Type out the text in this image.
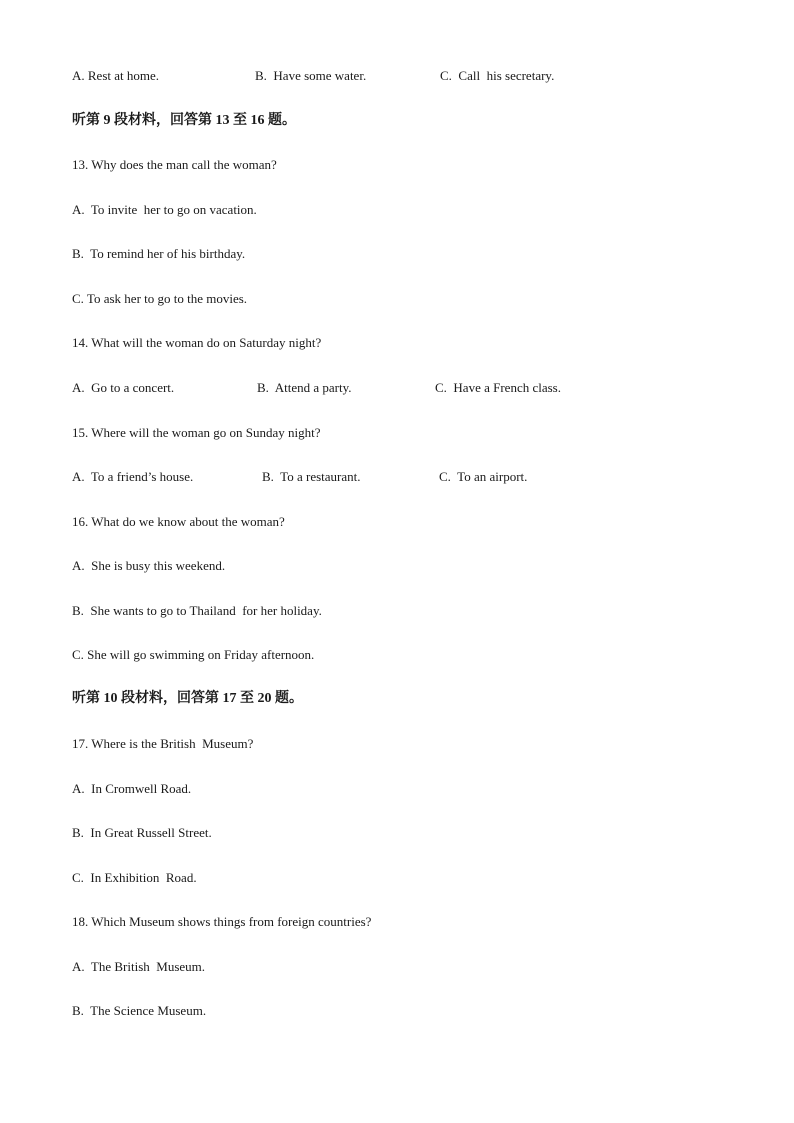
A. Rest at home.	B.  Have some water.	C.  Call  his secretary.
听第 9 段材料，回答第 13 至 16 题。
13. Why does the man call the woman?
A.  To invite  her to go on vacation.
B.  To remind her of his birthday.
C. To ask her to go to the movies.
14. What will the woman do on Saturday night?
A.  Go to a concert.	B.  Attend a party.	C.  Have a French class.
15. Where will the woman go on Sunday night?
A.  To a friend’s house.	B.  To a restaurant.	C.  To an airport.
16. What do we know about the woman?
A.  She is busy this weekend.
B.  She wants to go to Thailand  for her holiday.
C. She will go swimming on Friday afternoon.
听第 10 段材料，回答第 17 至 20 题。
17. Where is the British  Museum?
A.  In Cromwell Road.
B.  In Great Russell Street.
C.  In Exhibition  Road.
18. Which Museum shows things from foreign countries?
A.  The British  Museum.
B.  The Science Museum.
